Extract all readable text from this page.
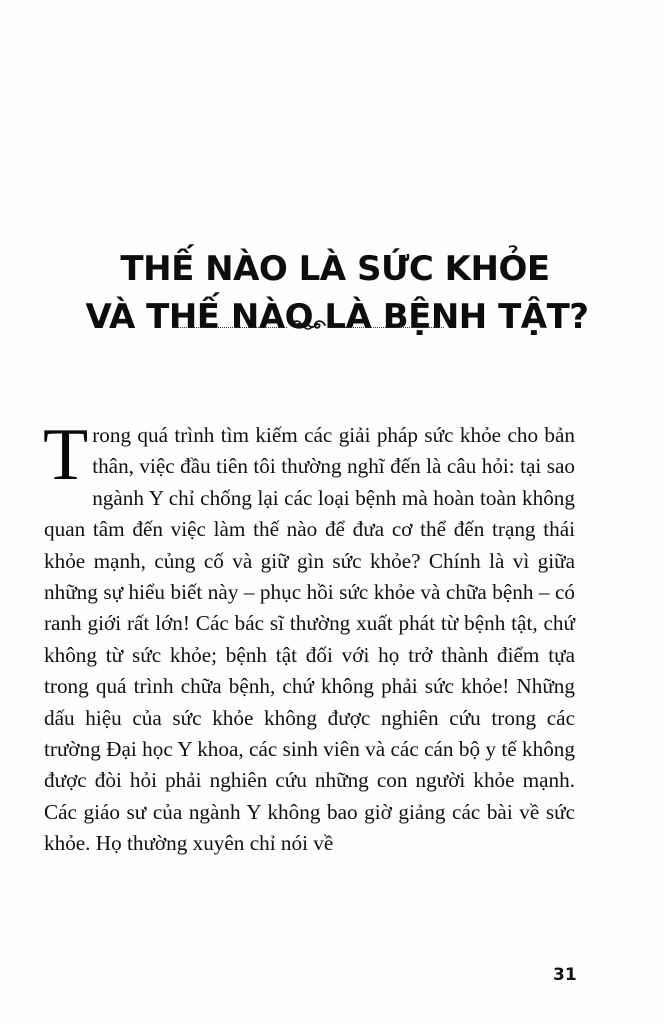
THẾ NÀO LÀ SỨC KHỎE
VÀ THẾ NÀO LÀ BỆNH TẬT?

Trong quá trình tìm kiếm các giải pháp sức khỏe cho bản thân, việc đầu tiên tôi thường nghĩ đến là câu hỏi: tại sao ngành Y chỉ chống lại các loại bệnh mà hoàn toàn không quan tâm đến việc làm thế nào để đưa cơ thể đến trạng thái khỏe mạnh, củng cố và giữ gìn sức khỏe? Chính là vì giữa những sự hiểu biết này – phục hồi sức khỏe và chữa bệnh – có ranh giới rất lớn! Các bác sĩ thường xuất phát từ bệnh tật, chứ không từ sức khỏe; bệnh tật đối với họ trở thành điểm tựa trong quá trình chữa bệnh, chứ không phải sức khỏe! Những dấu hiệu của sức khỏe không được nghiên cứu trong các trường Đại học Y khoa, các sinh viên và các cán bộ y tế không được đòi hỏi phải nghiên cứu những con người khỏe mạnh. Các giáo sư của ngành Y không bao giờ giảng các bài về sức khỏe. Họ thường xuyên chỉ nói về

31
